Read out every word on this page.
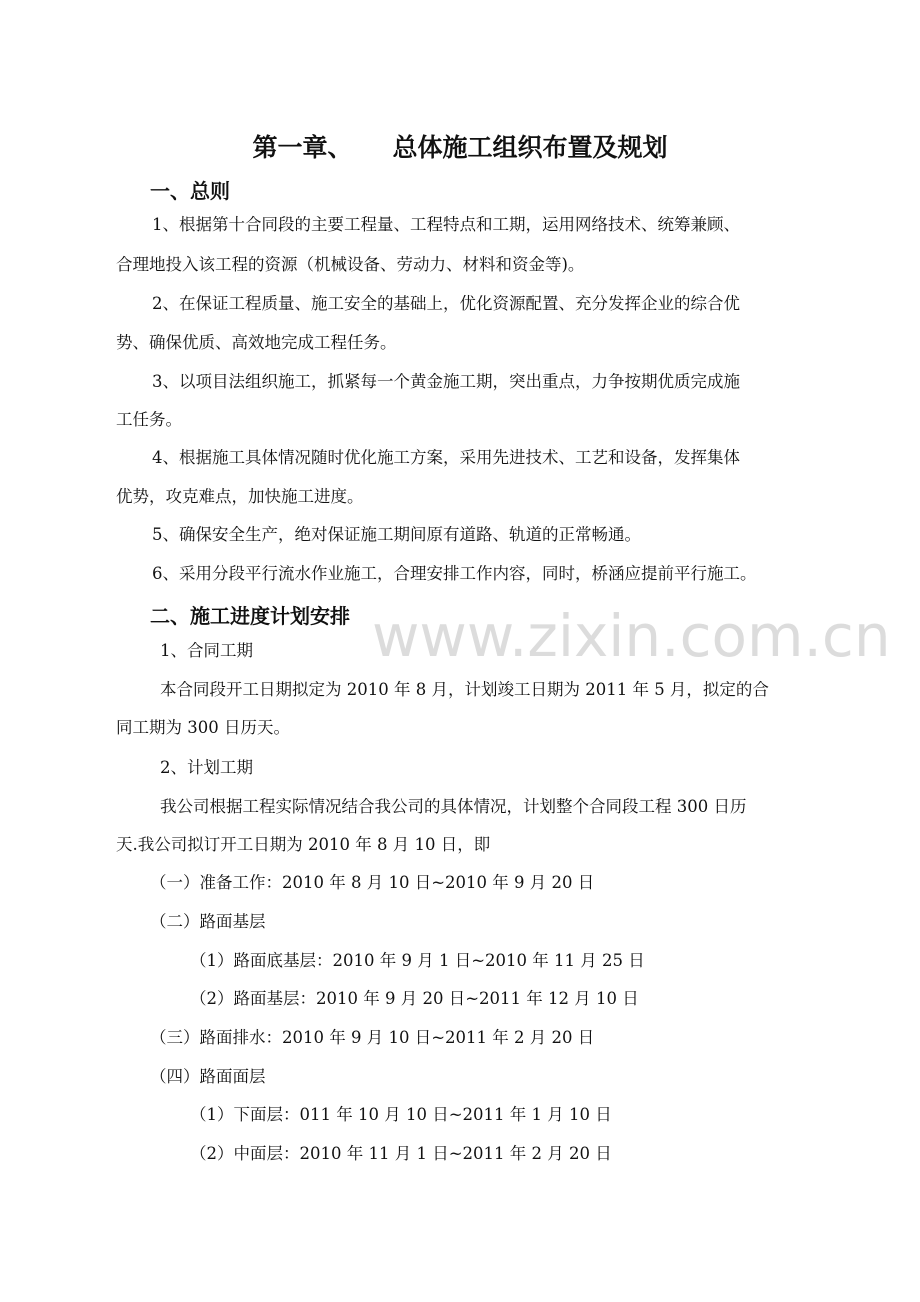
www.zixin.com.cn
第一章、 总体施工组织布置及规划
一、总则
1、根据第十合同段的主要工程量、工程特点和工期，运用网络技术、统筹兼顾、
合理地投入该工程的资源（机械设备、劳动力、材料和资金等)。
2、在保证工程质量、施工安全的基础上，优化资源配置、充分发挥企业的综合优
势、确保优质、高效地完成工程任务。
3、以项目法组织施工，抓紧每一个黄金施工期，突出重点，力争按期优质完成施
工任务。
4、根据施工具体情况随时优化施工方案，采用先进技术、工艺和设备，发挥集体
优势，攻克难点，加快施工进度。
5、确保安全生产，绝对保证施工期间原有道路、轨道的正常畅通。
6、采用分段平行流水作业施工，合理安排工作内容，同时，桥涵应提前平行施工。
二、施工进度计划安排
1、合同工期
本合同段开工日期拟定为 2010 年 8 月，计划竣工日期为 2011 年 5 月，拟定的合
同工期为 300 日历天。
2、计划工期
我公司根据工程实际情况结合我公司的具体情况，计划整个合同段工程 300 日历
天.我公司拟订开工日期为 2010 年 8 月 10 日，即
（一）准备工作：2010 年 8 月 10 日~2010 年 9 月 20 日
（二）路面基层
（1）路面底基层：2010 年 9 月 1 日~2010 年 11 月 25 日
（2）路面基层：2010 年 9 月 20 日~2011 年 12 月 10 日
（三）路面排水：2010 年 9 月 10 日~2011 年 2 月 20 日
（四）路面面层
（1）下面层：011 年 10 月 10 日~2011 年 1 月 10 日
（2）中面层：2010 年 11 月 1 日~2011 年 2 月 20 日
